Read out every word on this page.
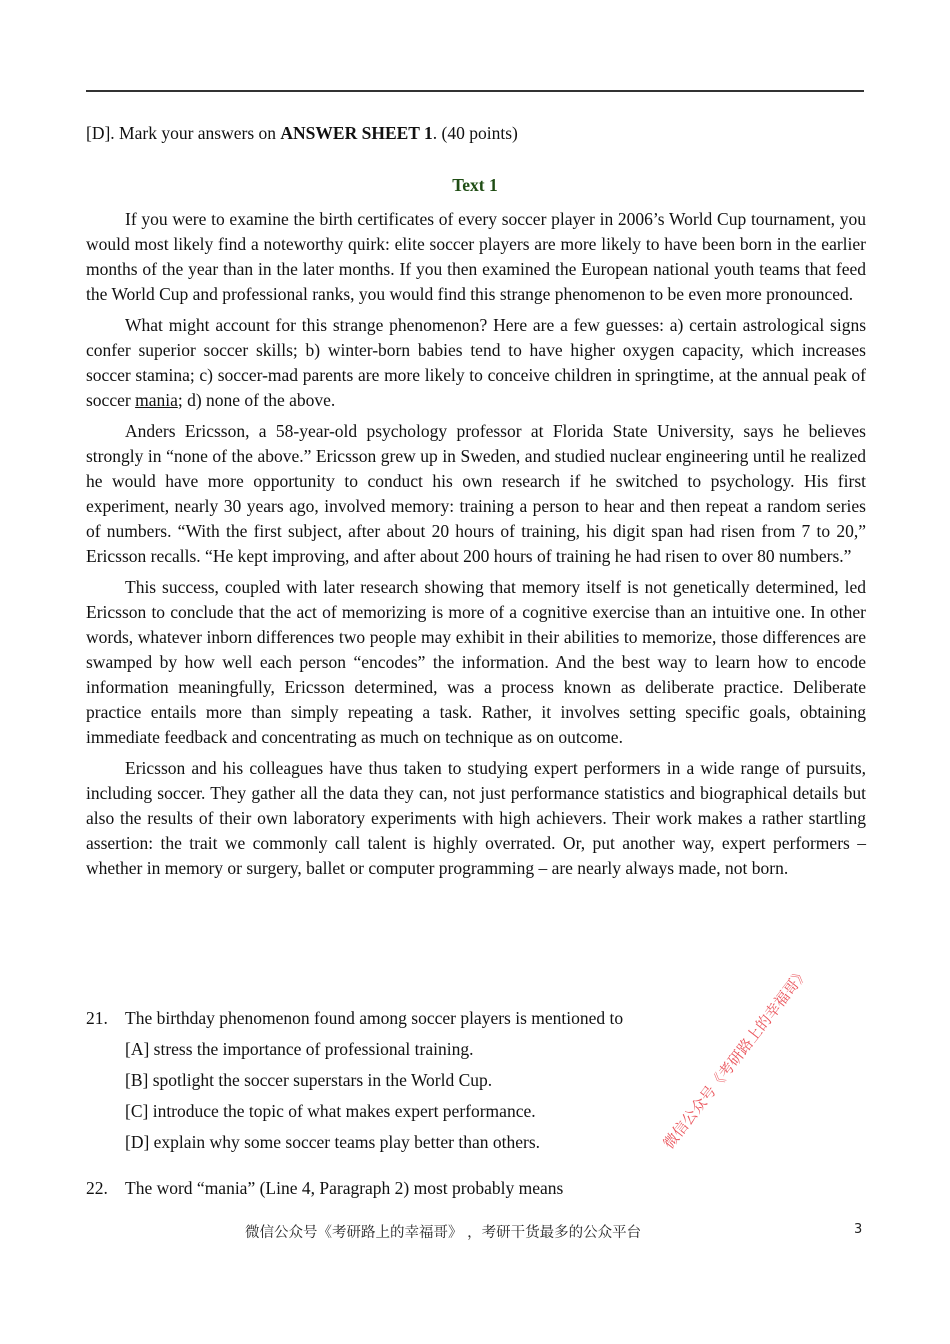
[D]. Mark your answers on ANSWER SHEET 1. (40 points)
Text 1

If you were to examine the birth certificates of every soccer player in 2006’s World Cup tournament, you would most likely find a noteworthy quirk: elite soccer players are more likely to have been born in the earlier months of the year than in the later months. If you then examined the European national youth teams that feed the World Cup and professional ranks, you would find this strange phenomenon to be even more pronounced.

What might account for this strange phenomenon? Here are a few guesses: a) certain astrological signs confer superior soccer skills; b) winter-born babies tend to have higher oxygen capacity, which increases soccer stamina; c) soccer-mad parents are more likely to conceive children in springtime, at the annual peak of soccer mania; d) none of the above.

Anders Ericsson, a 58-year-old psychology professor at Florida State University, says he believes strongly in “none of the above.” Ericsson grew up in Sweden, and studied nuclear engineering until he realized he would have more opportunity to conduct his own research if he switched to psychology. His first experiment, nearly 30 years ago, involved memory: training a person to hear and then repeat a random series of numbers. “With the first subject, after about 20 hours of training, his digit span had risen from 7 to 20,” Ericsson recalls. “He kept improving, and after about 200 hours of training he had risen to over 80 numbers.”

This success, coupled with later research showing that memory itself is not genetically determined, led Ericsson to conclude that the act of memorizing is more of a cognitive exercise than an intuitive one. In other words, whatever inborn differences two people may exhibit in their abilities to memorize, those differences are swamped by how well each person “encodes” the information. And the best way to learn how to encode information meaningfully, Ericsson determined, was a process known as deliberate practice. Deliberate practice entails more than simply repeating a task. Rather, it involves setting specific goals, obtaining immediate feedback and concentrating as much on technique as on outcome.

Ericsson and his colleagues have thus taken to studying expert performers in a wide range of pursuits, including soccer. They gather all the data they can, not just performance statistics and biographical details but also the results of their own laboratory experiments with high achievers. Their work makes a rather startling assertion: the trait we commonly call talent is highly overrated. Or, put another way, expert performers – whether in memory or surgery, ballet or computer programming – are nearly always made, not born.

21. The birthday phenomenon found among soccer players is mentioned to
[A] stress the importance of professional training.
[B] spotlight the soccer superstars in the World Cup.
[C] introduce the topic of what makes expert performance.
[D] explain why some soccer teams play better than others.
22. The word “mania” (Line 4, Paragraph 2) most probably means
微信公众号《考研路上的幸福哥》
微信公众号《考研路上的幸福哥》 ，考研干货最多的公众平台	3
